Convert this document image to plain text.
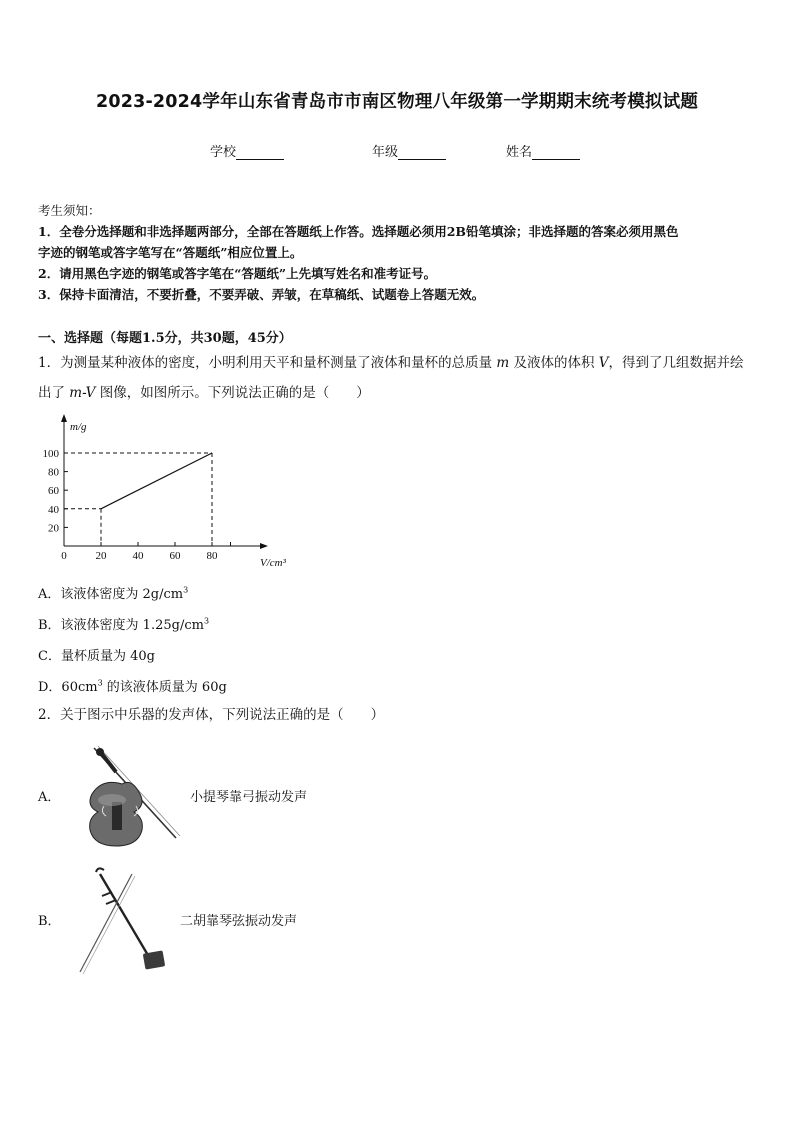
2023-2024学年山东省青岛市市南区物理八年级第一学期期末统考模拟试题
学校	年级	姓名
考生须知：
1．全卷分选择题和非选择题两部分，全部在答题纸上作答。选择题必须用2B铅笔填涂；非选择题的答案必须用黑色
字迹的钢笔或答字笔写在“答题纸”相应位置上。
2．请用黑色字迹的钢笔或答字笔在“答题纸”上先填写姓名和准考证号。
3．保持卡面清洁，不要折叠，不要弄破、弄皱，在草稿纸、试题卷上答题无效。
一、选择题（每题1.5分，共30题，45分）
1．为测量某种液体的密度，小明利用天平和量杯测量了液体和量杯的总质量 m 及液体的体积 V，得到了几组数据并绘
出了 m-V 图像，如图所示。下列说法正确的是（　　）
0	20 40 60 80
20
40
60
80
100
m/g
V/cm³
A．该液体密度为 $2g/cm^3$
B．该液体密度为 $1.25g/cm^3$
C．量杯质量为 40g
D．$60cm^3$ 的该液体质量为 60g
2．关于图示中乐器的发声体，下列说法正确的是（　　）
A．	小提琴靠弓振动发声
B．	二胡靠琴弦振动发声
